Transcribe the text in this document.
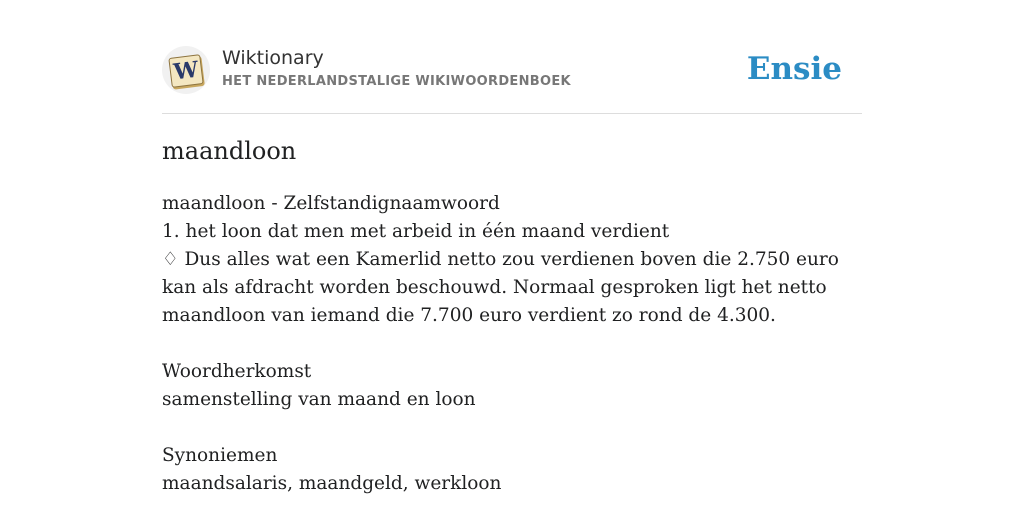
W Wiktionary
HET NEDERLANDSTALIGE WIKIWOORDENBOEK	Ensie
maandloon
maandloon - Zelfstandignaamwoord
1. het loon dat men met arbeid in één maand verdient
♢ Dus alles wat een Kamerlid netto zou verdienen boven die 2.750 euro kan als afdracht worden beschouwd. Normaal gesproken ligt het netto maandloon van iemand die 7.700 euro verdient zo rond de 4.300.
Woordherkomst
samenstelling van maand en loon
Synoniemen
maandsalaris, maandgeld, werkloon
